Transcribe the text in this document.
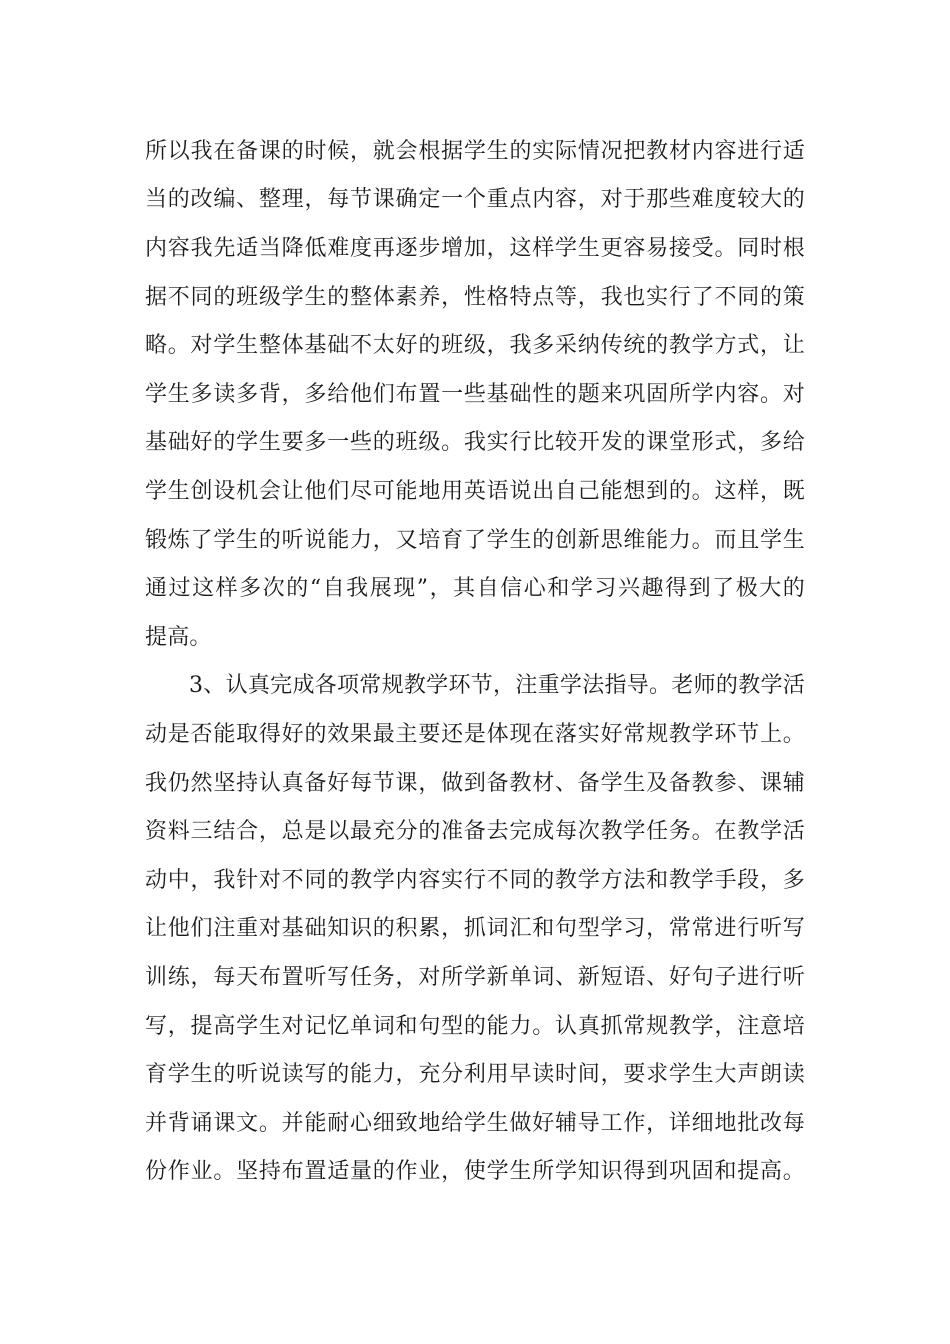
所以我在备课的时候，就会根据学生的实际情况把教材内容进行适
当的改编、整理，每节课确定一个重点内容，对于那些难度较大的
内容我先适当降低难度再逐步增加，这样学生更容易接受。同时根
据不同的班级学生的整体素养，性格特点等，我也实行了不同的策
略。对学生整体基础不太好的班级，我多采纳传统的教学方式，让
学生多读多背，多给他们布置一些基础性的题来巩固所学内容。对
基础好的学生要多一些的班级。我实行比较开发的课堂形式，多给
学生创设机会让他们尽可能地用英语说出自己能想到的。这样，既
锻炼了学生的听说能力，又培育了学生的创新思维能力。而且学生
通过这样多次的“自我展现”，其自信心和学习兴趣得到了极大的
提高。
3、认真完成各项常规教学环节，注重学法指导。老师的教学活
动是否能取得好的效果最主要还是体现在落实好常规教学环节上。
我仍然坚持认真备好每节课，做到备教材、备学生及备教参、课辅
资料三结合，总是以最充分的准备去完成每次教学任务。在教学活
动中，我针对不同的教学内容实行不同的教学方法和教学手段，多
让他们注重对基础知识的积累，抓词汇和句型学习，常常进行听写
训练，每天布置听写任务，对所学新单词、新短语、好句子进行听
写，提高学生对记忆单词和句型的能力。认真抓常规教学，注意培
育学生的听说读写的能力，充分利用早读时间，要求学生大声朗读
并背诵课文。并能耐心细致地给学生做好辅导工作，详细地批改每
份作业。坚持布置适量的作业，使学生所学知识得到巩固和提高。
